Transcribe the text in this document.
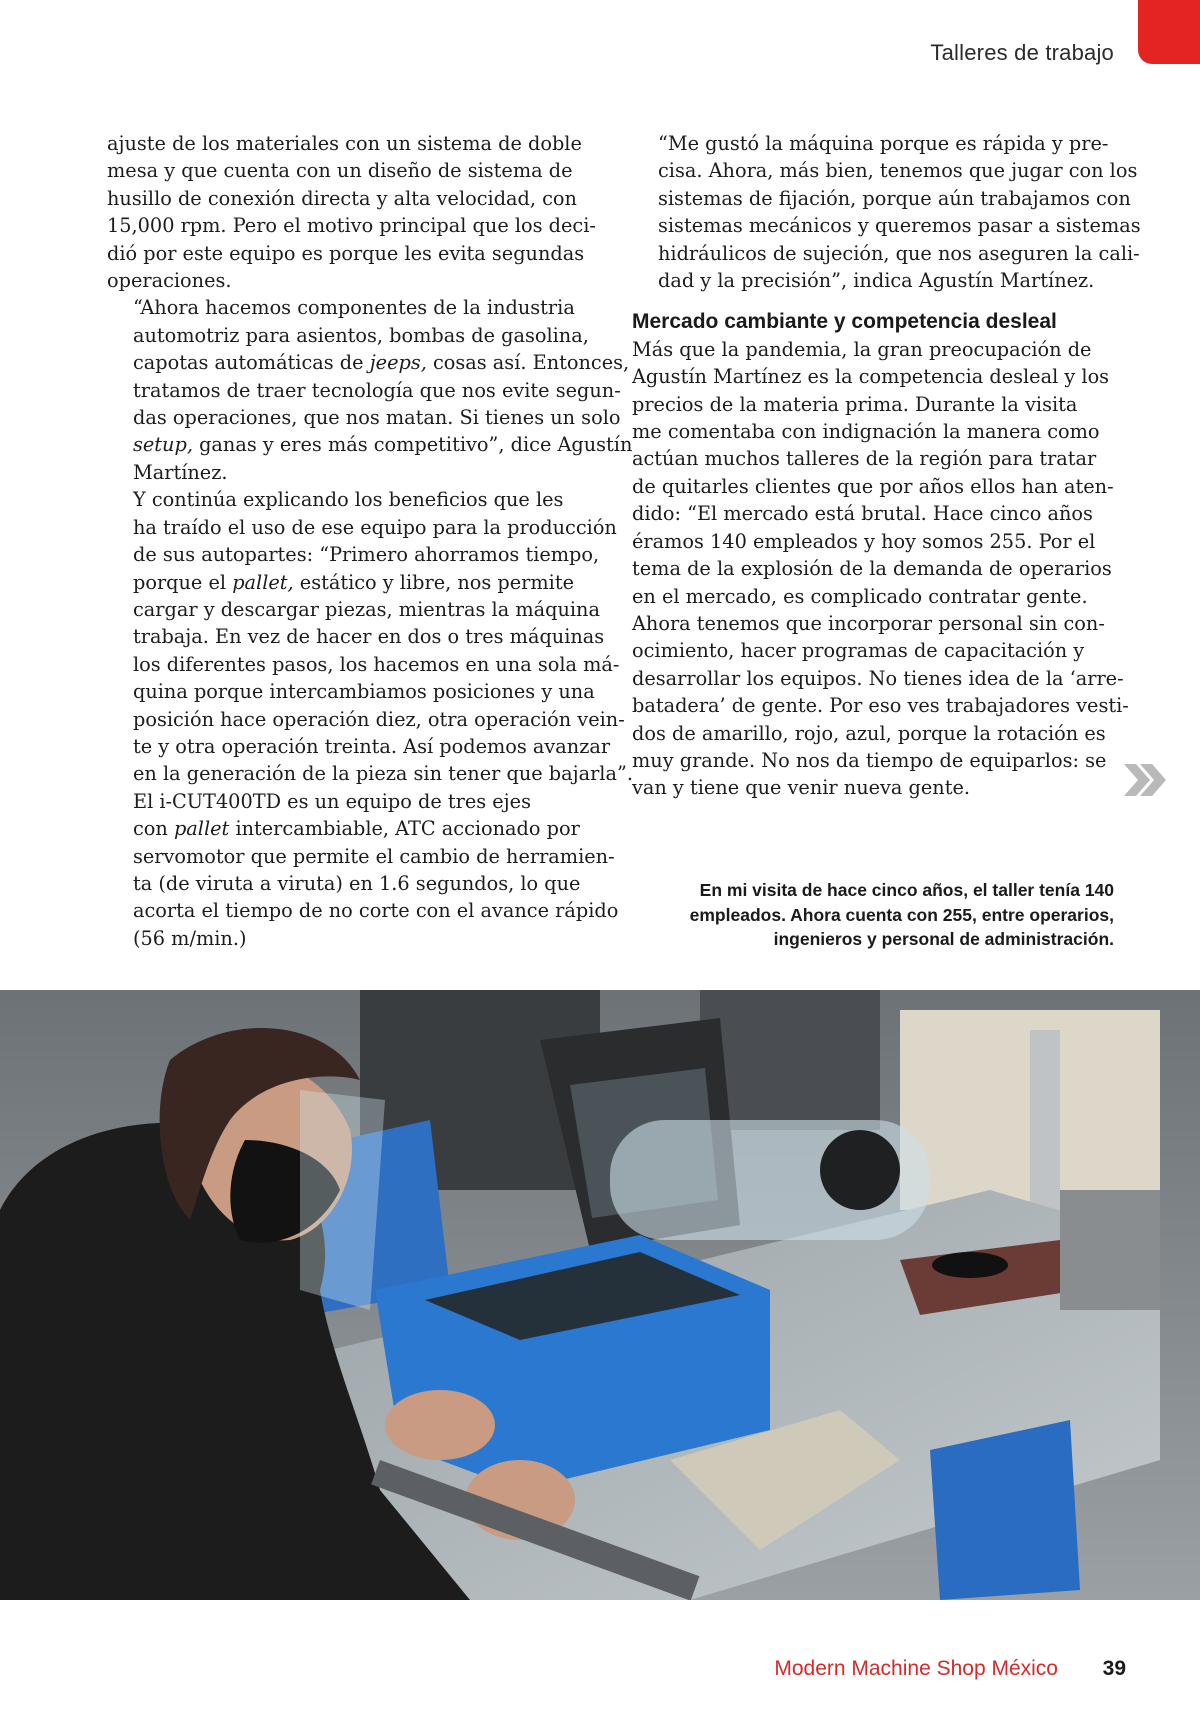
Talleres de trabajo

ajuste de los materiales con un sistema de doble
mesa y que cuenta con un diseño de sistema de
husillo de conexión directa y alta velocidad, con
15,000 rpm. Pero el motivo principal que los deci-
dió por este equipo es porque les evita segundas
operaciones.

“Ahora hacemos componentes de la industria
automotriz para asientos, bombas de gasolina,
capotas automáticas de jeeps, cosas así. Entonces,
tratamos de traer tecnología que nos evite segun-
das operaciones, que nos matan. Si tienes un solo
setup, ganas y eres más competitivo”, dice Agustín
Martínez.

Y continúa explicando los beneficios que les
ha traído el uso de ese equipo para la producción
de sus autopartes: “Primero ahorramos tiempo,
porque el pallet, estático y libre, nos permite
cargar y descargar piezas, mientras la máquina
trabaja. En vez de hacer en dos o tres máquinas
los diferentes pasos, los hacemos en una sola má-
quina porque intercambiamos posiciones y una
posición hace operación diez, otra operación vein-
te y otra operación treinta. Así podemos avanzar
en la generación de la pieza sin tener que bajarla”.

El i-CUT400TD es un equipo de tres ejes
con pallet intercambiable, ATC accionado por
servomotor que permite el cambio de herramien-
ta (de viruta a viruta) en 1.6 segundos, lo que
acorta el tiempo de no corte con el avance rápido
(56 m/min.)

“Me gustó la máquina porque es rápida y pre-
cisa. Ahora, más bien, tenemos que jugar con los
sistemas de fijación, porque aún trabajamos con
sistemas mecánicos y queremos pasar a sistemas
hidráulicos de sujeción, que nos aseguren la cali-
dad y la precisión”, indica Agustín Martínez.

Mercado cambiante y competencia desleal

Más que la pandemia, la gran preocupación de
Agustín Martínez es la competencia desleal y los
precios de la materia prima. Durante la visita
me comentaba con indignación la manera como
actúan muchos talleres de la región para tratar
de quitarles clientes que por años ellos han aten-
dido: “El mercado está brutal. Hace cinco años
éramos 140 empleados y hoy somos 255. Por el
tema de la explosión de la demanda de operarios
en el mercado, es complicado contratar gente.
Ahora tenemos que incorporar personal sin con-
ocimiento, hacer programas de capacitación y
desarrollar los equipos. No tienes idea de la ‘arre-
batadera’ de gente. Por eso ves trabajadores vesti-
dos de amarillo, rojo, azul, porque la rotación es
muy grande. No nos da tiempo de equiparlos: se
van y tiene que venir nueva gente.

En mi visita de hace cinco años, el taller tenía 140
empleados. Ahora cuenta con 255, entre operarios,
ingenieros y personal de administración.
Modern Machine Shop México 39
